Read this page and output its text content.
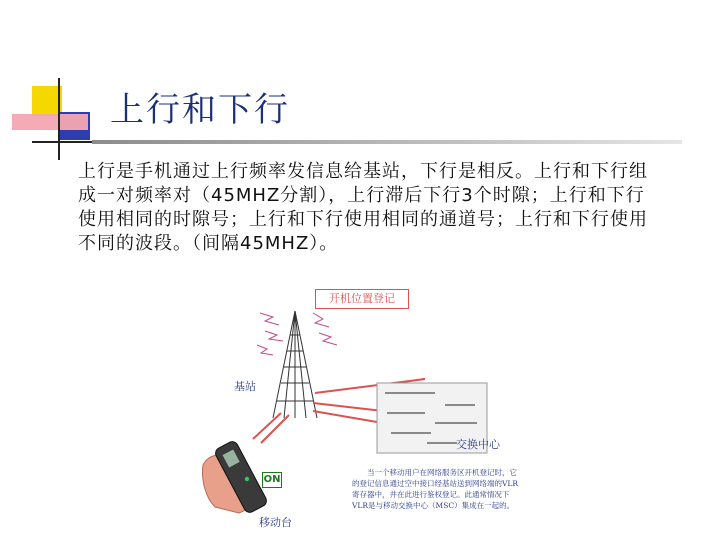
上行和下行

上行是手机通过上行频率发信息给基站，下行是相反。上行和下行组成一对频率对（45MHZ分割），上行滞后下行3个时隙；上行和下行使用相同的时隙号；上行和下行使用相同的通道号；上行和下行使用不同的波段。（间隔45MHZ）。

开机位置登记
基站
交换中心
移动台
ON

当一个移动用户在网络服务区开机登记时，它的登记信息通过空中接口经基站送到网络端的VLR寄存器中，并在此进行鉴权登记。此通常情况下VLR是与移动交换中心（MSC）集成在一起的。
